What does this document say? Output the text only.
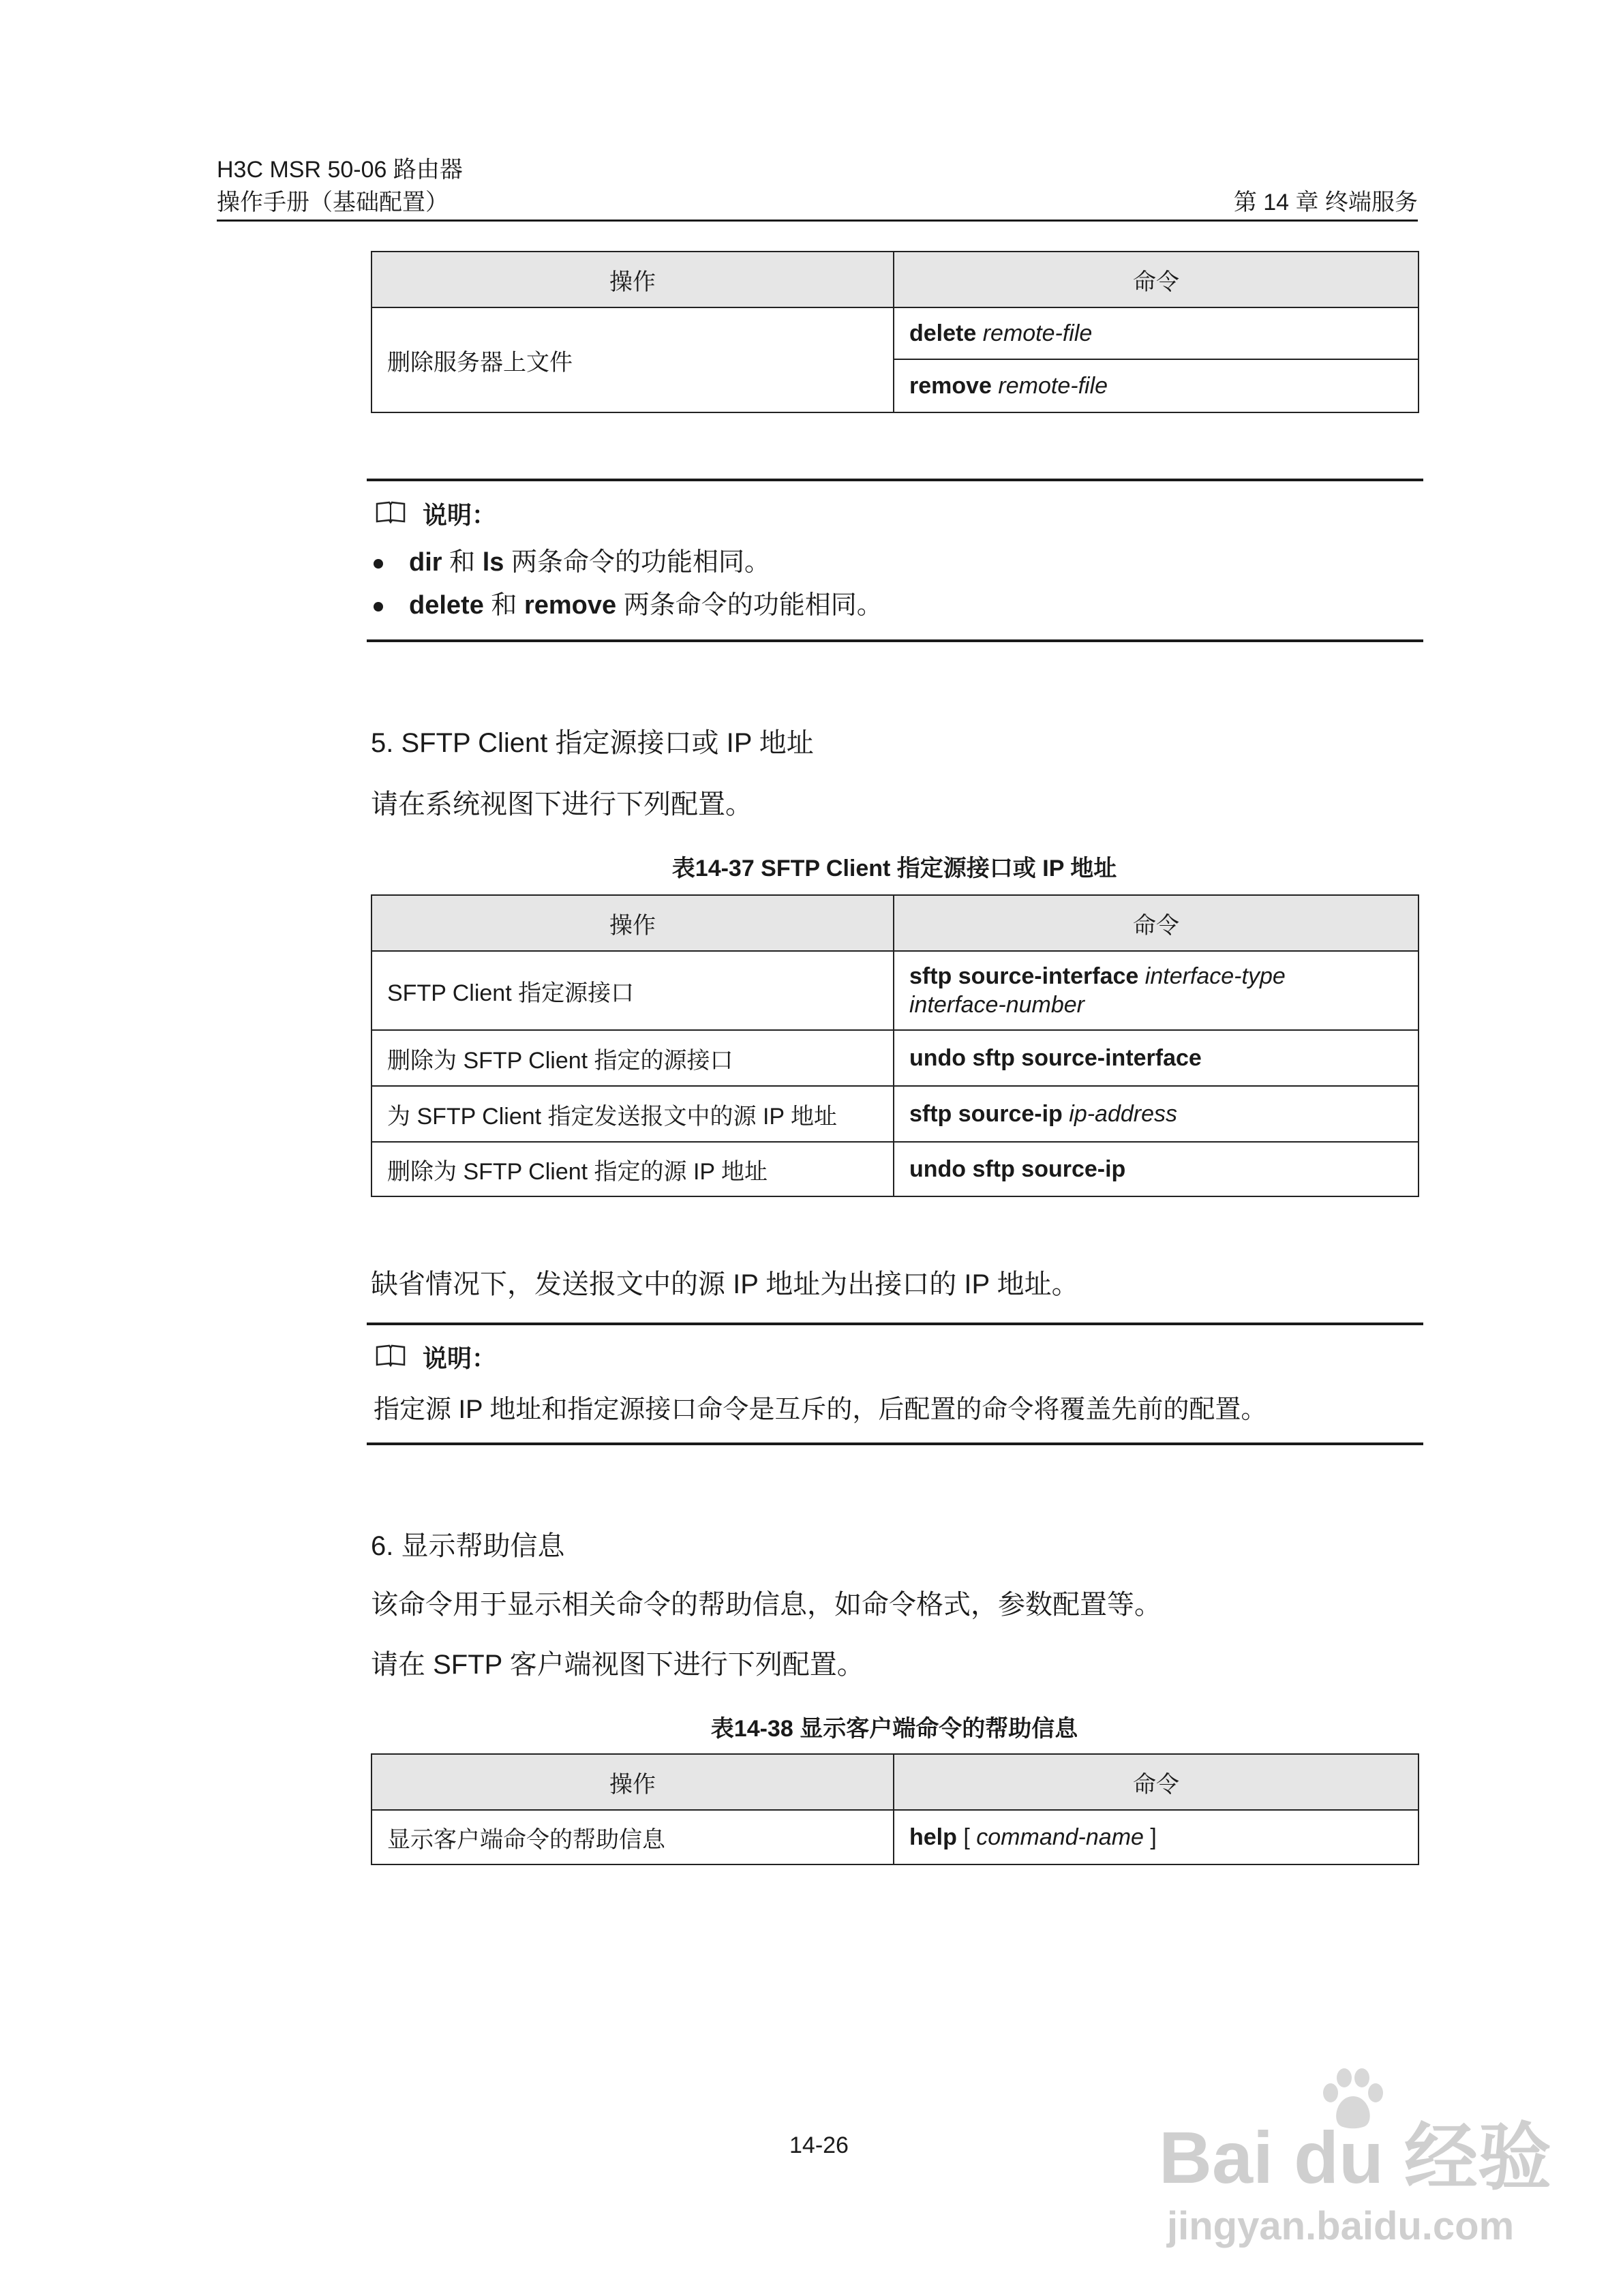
H3C MSR 50-06 路由器
操作手册（基础配置）	第 14 章 终端服务
操作	命令
删除服务器上文件	delete remote-file
	remove remote-file
说明：
dir 和 ls 两条命令的功能相同。
delete 和 remove 两条命令的功能相同。
5. SFTP Client 指定源接口或 IP 地址
请在系统视图下进行下列配置。
表14-37 SFTP Client 指定源接口或 IP 地址
操作	命令
SFTP Client 指定源接口	sftp source-interface interface-type
interface-number
删除为 SFTP Client 指定的源接口	undo sftp source-interface
为 SFTP Client 指定发送报文中的源 IP 地址	sftp source-ip ip-address
删除为 SFTP Client 指定的源 IP 地址	undo sftp source-ip
缺省情况下，发送报文中的源 IP 地址为出接口的 IP 地址。
说明：
指定源 IP 地址和指定源接口命令是互斥的，后配置的命令将覆盖先前的配置。
6. 显示帮助信息
该命令用于显示相关命令的帮助信息，如命令格式，参数配置等。
请在 SFTP 客户端视图下进行下列配置。
表14-38 显示客户端命令的帮助信息
操作	命令
显示客户端命令的帮助信息	help [ command-name ]
14-26	Bai du 经验
jingyan.baidu.com
